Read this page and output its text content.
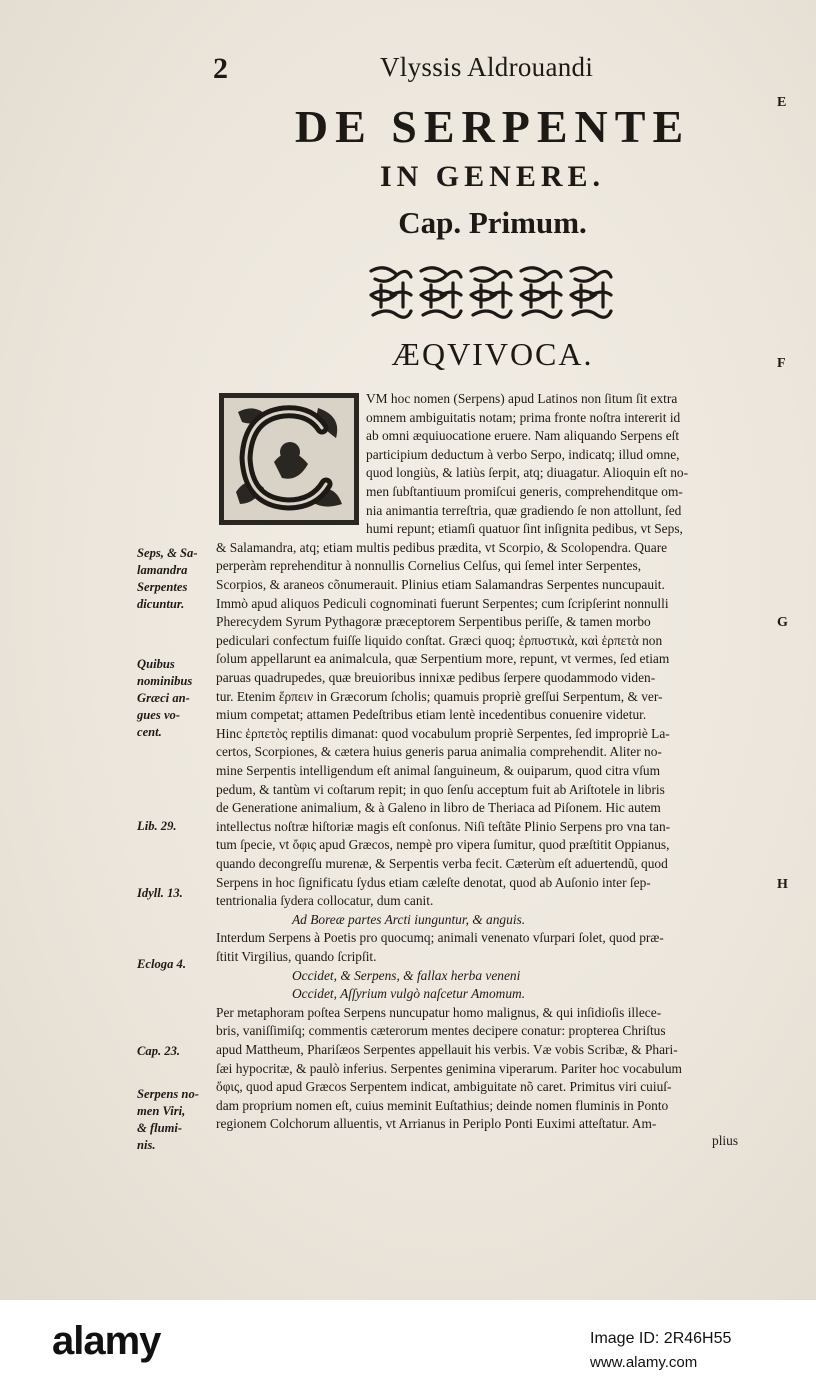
2	Vlyssis Aldrouandi
DE SERPENTE
IN GENERE.
Cap. Primum.
ÆQVIVOCA.
E
F
G
H
VM hoc nomen (Serpens) apud Latinos non ſitum ſit extra
omnem ambiguitatis notam; prima fronte noſtra intererit id
ab omni æquiuocatione eruere. Nam aliquando Serpens eſt
participium deductum à verbo Serpo, indicatq; illud omne,
quod longiùs, & latiùs ſerpit, atq; diuagatur. Alioquin eſt no-
men ſubſtantiuum promiſcui generis, comprehenditque om-
nia animantia terreſtria, quæ gradiendo ſe non attollunt, ſed
humi repunt; etiamſi quatuor ſint inſignita pedibus, vt Seps,
& Salamandra, atq; etiam multis pedibus prædita, vt Scorpio, & Scolopendra. Quare
perperàm reprehenditur à nonnullis Cornelius Celſus, qui ſemel inter Serpentes,
Scorpios, & araneos cõnumerauit. Plinius etiam Salamandras Serpentes nuncupauit.
Immò apud aliquos Pediculi cognominati fuerunt Serpentes; cum ſcripſerint nonnulli
Pherecydem Syrum Pythagoræ præceptorem Serpentibus periſſe, & tamen morbo
pediculari confectum fuiſſe liquido conſtat. Græci quoq; ἑρπυστικὰ, καὶ ἑρπετὰ non
ſolum appellarunt ea animalcula, quæ Serpentium more, repunt, vt vermes, ſed etiam
paruas quadrupedes, quæ breuioribus innixæ pedibus ſerpere quodammodo viden-
tur. Etenim ἕρπειν in Græcorum ſcholis; quamuis propriè greſſui Serpentum, & ver-
mium competat; attamen Pedeſtribus etiam lentè incedentibus conuenire videtur.
Hinc ἑρπετὸς reptilis dimanat: quod vocabulum propriè Serpentes, ſed impropriè La-
certos, Scorpiones, & cætera huius generis parua animalia comprehendit. Aliter no-
mine Serpentis intelligendum eſt animal ſanguineum, & ouiparum, quod citra vſum
pedum, & tantùm vi coſtarum repit; in quo ſenſu acceptum fuit ab Ariſtotele in libris
de Generatione animalium, & à Galeno in libro de Theriaca ad Piſonem. Hic autem
intellectus noſtræ hiſtoriæ magis eſt conſonus. Niſi teſtãte Plinio Serpens pro vna tan-
tum ſpecie, vt ὄφις apud Græcos, nempè pro vipera ſumitur, quod præſtitit Oppianus,
quando decongreſſu murenæ, & Serpentis verba fecit. Cæterùm eſt aduertendũ, quod
Serpens in hoc ſignificatu ſydus etiam cæleſte denotat, quod ab Auſonio inter ſep-
tentrionalia ſydera collocatur, dum canit.
Ad Boreæ partes Arcti iunguntur, & anguis.
Interdum Serpens à Poetis pro quocumq; animali venenato vſurpari ſolet, quod præ-
ſtitit Virgilius, quando ſcripſit.
Occidet, & Serpens, & fallax herba veneni
Occidet, Aſſyrium vulgò naſcetur Amomum.
Per metaphoram poſtea Serpens nuncupatur homo malignus, & qui inſidioſis illece-
bris, vaniſſimiſq; commentis cæterorum mentes decipere conatur: propterea Chriſtus
apud Mattheum, Phariſæos Serpentes appellauit his verbis. Væ vobis Scribæ, & Phari-
ſæi hypocritæ, & paulò inferius. Serpentes genimina viperarum. Pariter hoc vocabulum
ὄφις, quod apud Græcos Serpentem indicat, ambiguitate nõ caret. Primitus viri cuiuſ-
dam proprium nomen eſt, cuius meminit Euſtathius; deinde nomen fluminis in Ponto
regionem Colchorum alluentis, vt Arrianus in Periplo Ponti Euximi atteſtatur. Am-
Seps, & Sa-
lamandra
Serpentes
dicuntur.
Quibus
nominibus
Græci an-
gues vo-
cent.
Lib. 29.
Idyll. 13.
Ecloga 4.
Cap. 23.
Serpens no-
men Viri,
& flumi-
nis.	plius
alamy	Image ID: 2R46H55
www.alamy.com
